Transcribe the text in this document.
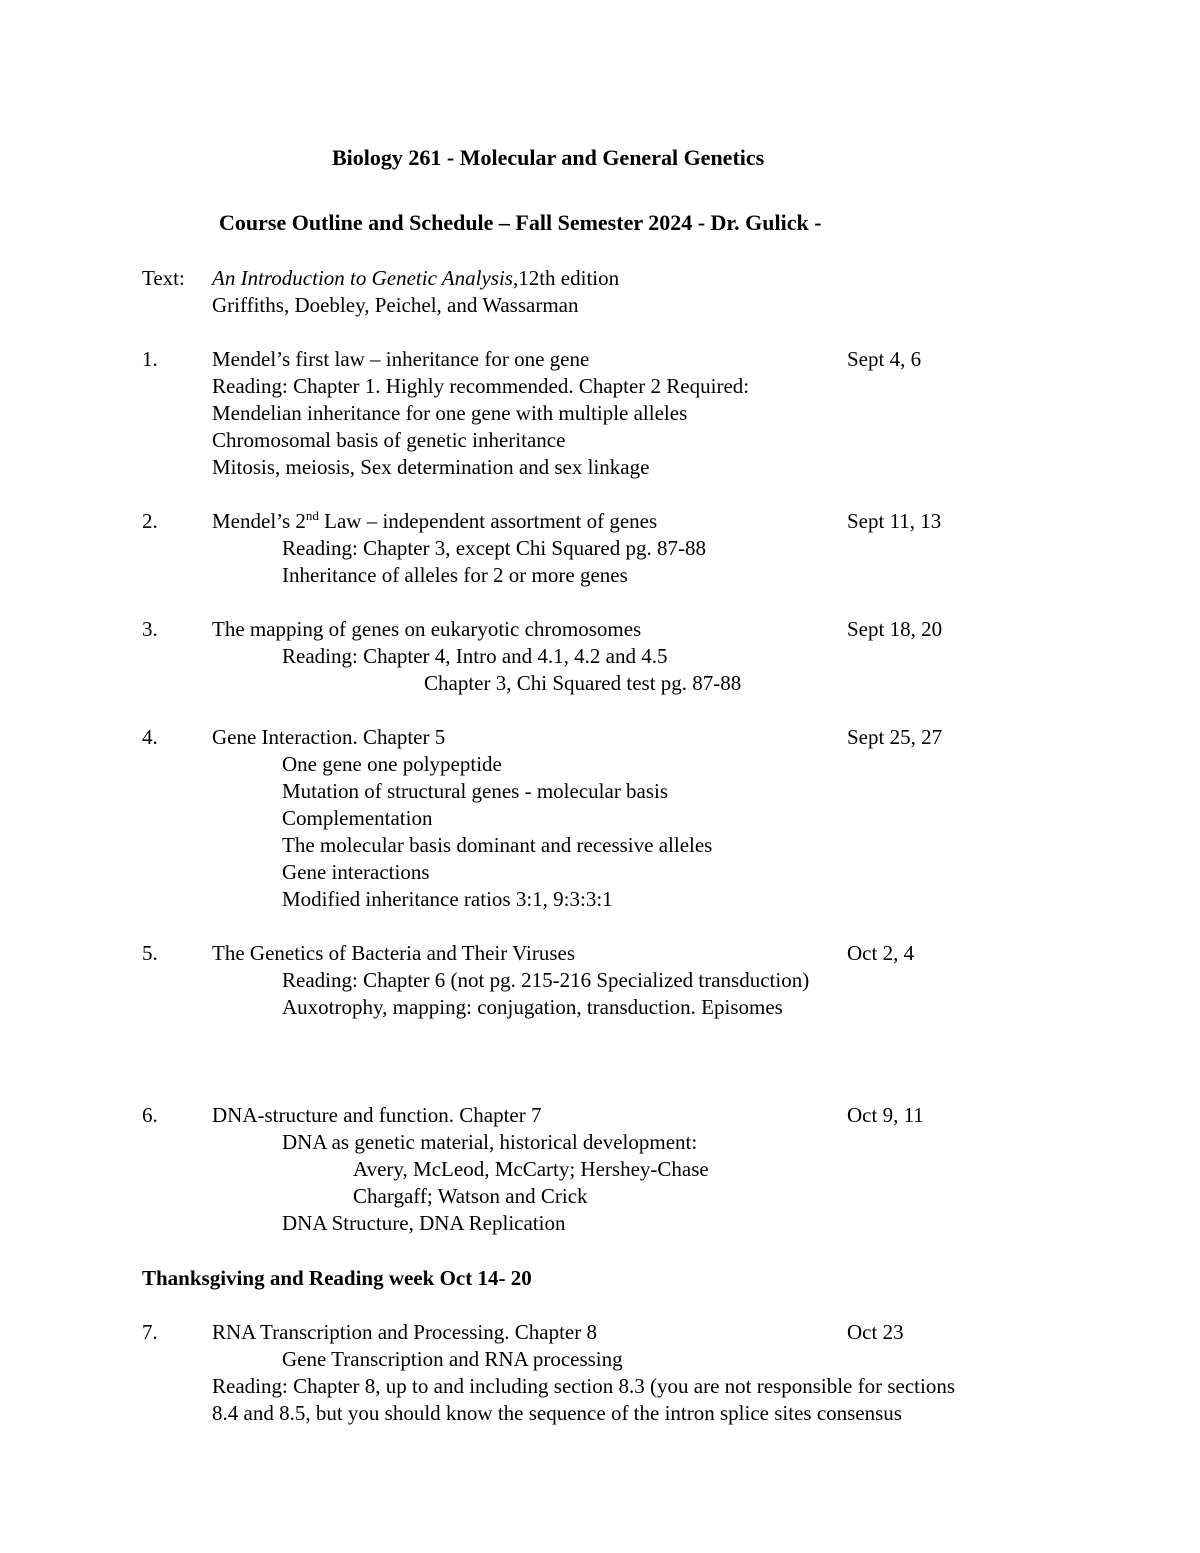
Biology 261 - Molecular and General Genetics
Course Outline and Schedule – Fall Semester 2024 - Dr. Gulick -
Text: An Introduction to Genetic Analysis,12th edition
Griffiths, Doebley, Peichel, and Wassarman
1.	Mendel’s first law – inheritance for one gene	Sept 4, 6
Reading: Chapter 1. Highly recommended. Chapter 2 Required:
Mendelian inheritance for one gene with multiple alleles
Chromosomal basis of genetic inheritance
Mitosis, meiosis, Sex determination and sex linkage
2.	Mendel’s 2nd Law – independent assortment of genes	Sept 11, 13
Reading: Chapter 3, except Chi Squared pg. 87-88
Inheritance of alleles for 2 or more genes
3.	The mapping of genes on eukaryotic chromosomes	Sept 18, 20
Reading: Chapter 4, Intro and 4.1, 4.2 and 4.5
Chapter 3, Chi Squared test pg. 87-88
4.	Gene Interaction. Chapter 5	Sept 25, 27
One gene one polypeptide
Mutation of structural genes - molecular basis
Complementation
The molecular basis dominant and recessive alleles
Gene interactions
Modified inheritance ratios 3:1, 9:3:3:1
5.	The Genetics of Bacteria and Their Viruses	Oct 2, 4
Reading: Chapter 6 (not pg. 215-216 Specialized transduction)
Auxotrophy, mapping: conjugation, transduction. Episomes
6.	DNA-structure and function. Chapter 7	Oct 9, 11
DNA as genetic material, historical development:
Avery, McLeod, McCarty; Hershey-Chase
Chargaff; Watson and Crick
DNA Structure, DNA Replication
Thanksgiving and Reading week Oct 14- 20
7.	RNA Transcription and Processing. Chapter 8	Oct 23
Gene Transcription and RNA processing
Reading: Chapter 8, up to and including section 8.3 (you are not responsible for sections
8.4 and 8.5, but you should know the sequence of the intron splice sites consensus
